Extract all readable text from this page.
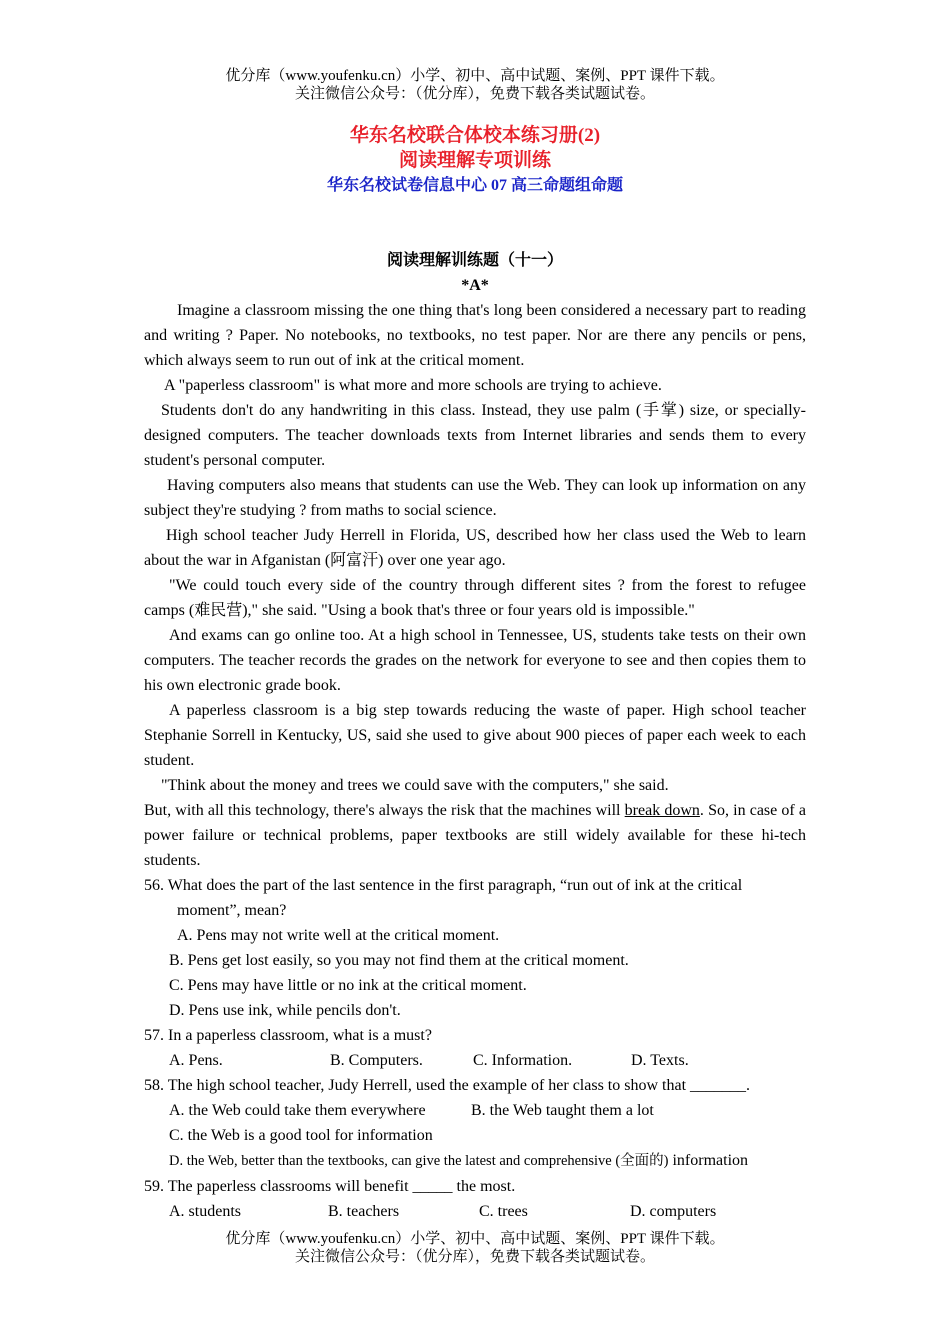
优分库（www.youfenku.cn）小学、初中、高中试题、案例、PPT 课件下载。
关注微信公众号：（优分库），免费下载各类试题试卷。
华东名校联合体校本练习册(2)
阅读理解专项训练
华东名校试卷信息中心 07 高三命题组命题
阅读理解训练题（十一）
*A*

Imagine a classroom missing the one thing that's long been considered a necessary part to reading and writing ? Paper. No notebooks, no textbooks, no test paper. Nor are there any pencils or pens, which always seem to run out of ink at the critical moment.

A "paperless classroom" is what more and more schools are trying to achieve.

Students don't do any handwriting in this class. Instead, they use palm (手掌) size, or specially-designed computers. The teacher downloads texts from Internet libraries and sends them to every student's personal computer.

Having computers also means that students can use the Web. They can look up information on any subject they're studying ? from maths to social science.

High school teacher Judy Herrell in Florida, US, described how her class used the Web to learn about the war in Afganistan (阿富汗) over one year ago.

"We could touch every side of the country through different sites ? from the forest to refugee camps (难民营)," she said. "Using a book that's three or four years old is impossible."

And exams can go online too. At a high school in Tennessee, US, students take tests on their own computers. The teacher records the grades on the network for everyone to see and then copies them to his own electronic grade book.

A paperless classroom is a big step towards reducing the waste of paper. High school teacher Stephanie Sorrell in Kentucky, US, said she used to give about 900 pieces of paper each week to each student.

"Think about the money and trees we could save with the computers," she said.

But, with all this technology, there's always the risk that the machines will break down. So, in case of a power failure or technical problems, paper textbooks are still widely available for these hi-tech students.

56. What does the part of the last sentence in the first paragraph, “run out of ink at the critical

moment”, mean?

A. Pens may not write well at the critical moment.

B. Pens get lost easily, so you may not find them at the critical moment.

C. Pens may have little or no ink at the critical moment.

D. Pens use ink, while pencils don't.

57. In a paperless classroom, what is a must?

A. Pens.	B. Computers.	C. Information.	D. Texts.

58. The high school teacher, Judy Herrell, used the example of her class to show that _______.

A. the Web could take them everywhere	B. the Web taught them a lot

C. the Web is a good tool for information

D. the Web, better than the textbooks, can give the latest and comprehensive (全面的) information

59. The paperless classrooms will benefit _____ the most.

A. students	B. teachers	C. trees	D. computers
优分库（www.youfenku.cn）小学、初中、高中试题、案例、PPT 课件下载。
关注微信公众号：（优分库），免费下载各类试题试卷。
